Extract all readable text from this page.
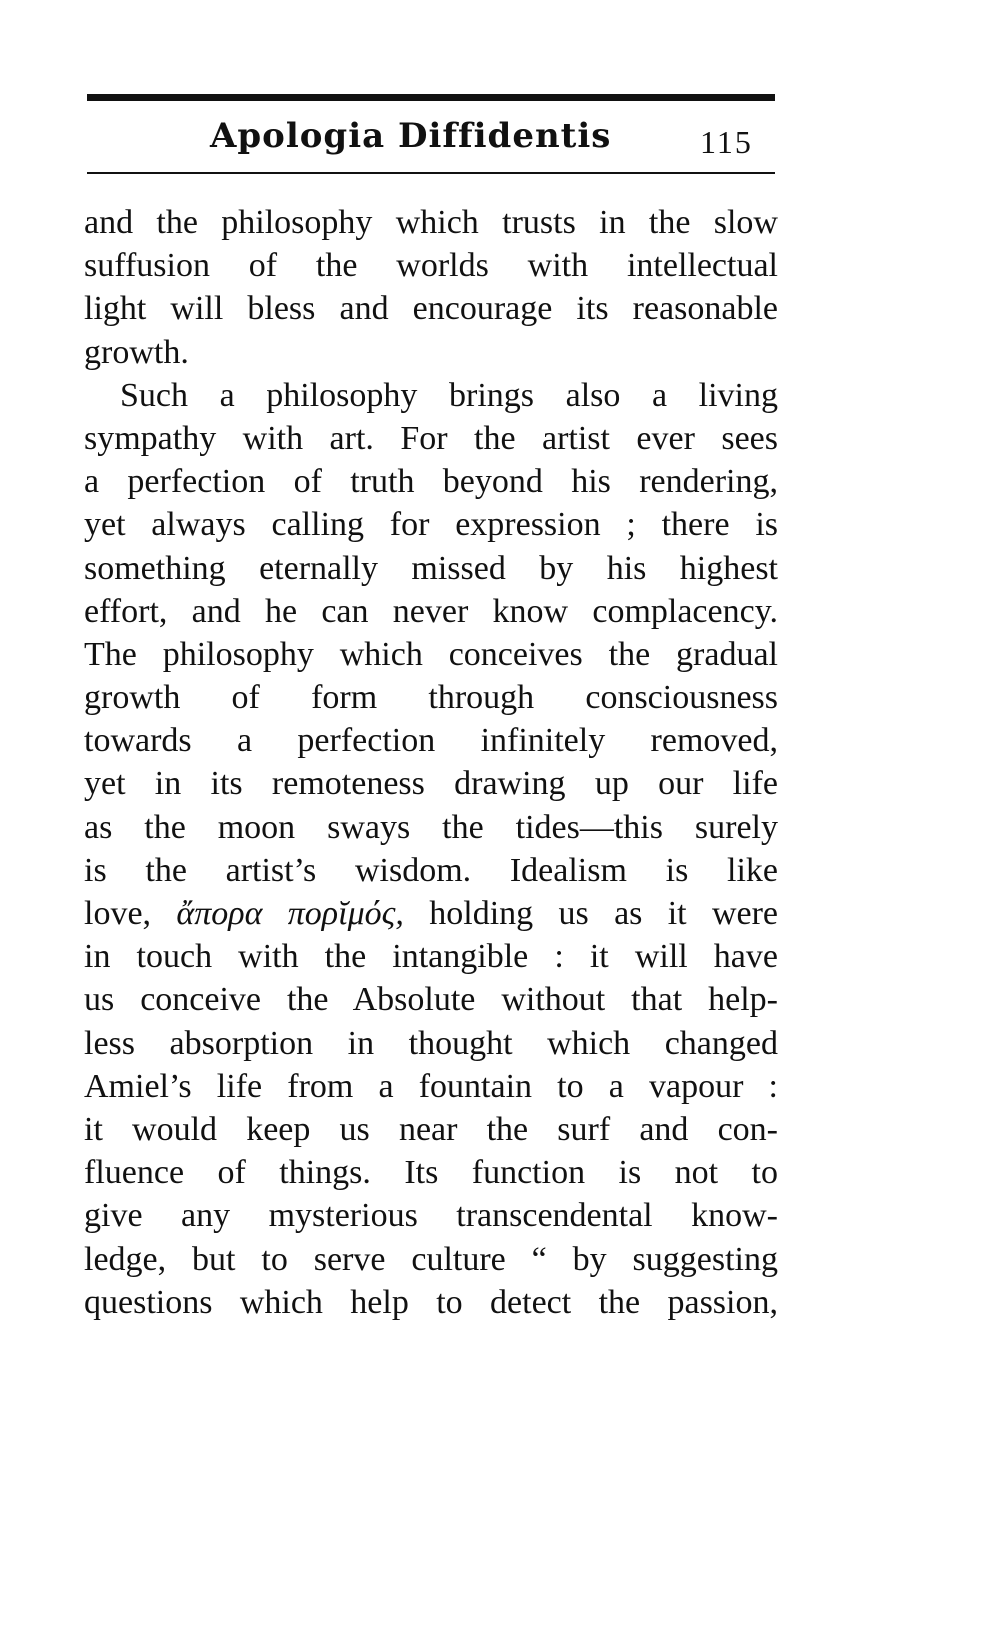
Apologia Diffidentis	115
and the philosophy which trusts in the slow
suffusion of the worlds with intellectual
light will bless and encourage its reasonable
growth.
Such a philosophy brings also a living
sympathy with art. For the artist ever sees
a perfection of truth beyond his rendering,
yet always calling for expression ; there is
something eternally missed by his highest
effort, and he can never know complacency.
The philosophy which conceives the gradual
growth of form through consciousness
towards a perfection infinitely removed,
yet in its remoteness drawing up our life
as the moon sways the tides—this surely
is the artist’s wisdom. Idealism is like
love, ἄπορα πορῐμός, holding us as it were
in touch with the intangible : it will have
us conceive the Absolute without that help-
less absorption in thought which changed
Amiel’s life from a fountain to a vapour :
it would keep us near the surf and con-
fluence of things. Its function is not to
give any mysterious transcendental know-
ledge, but to serve culture “ by suggesting
questions which help to detect the passion,
